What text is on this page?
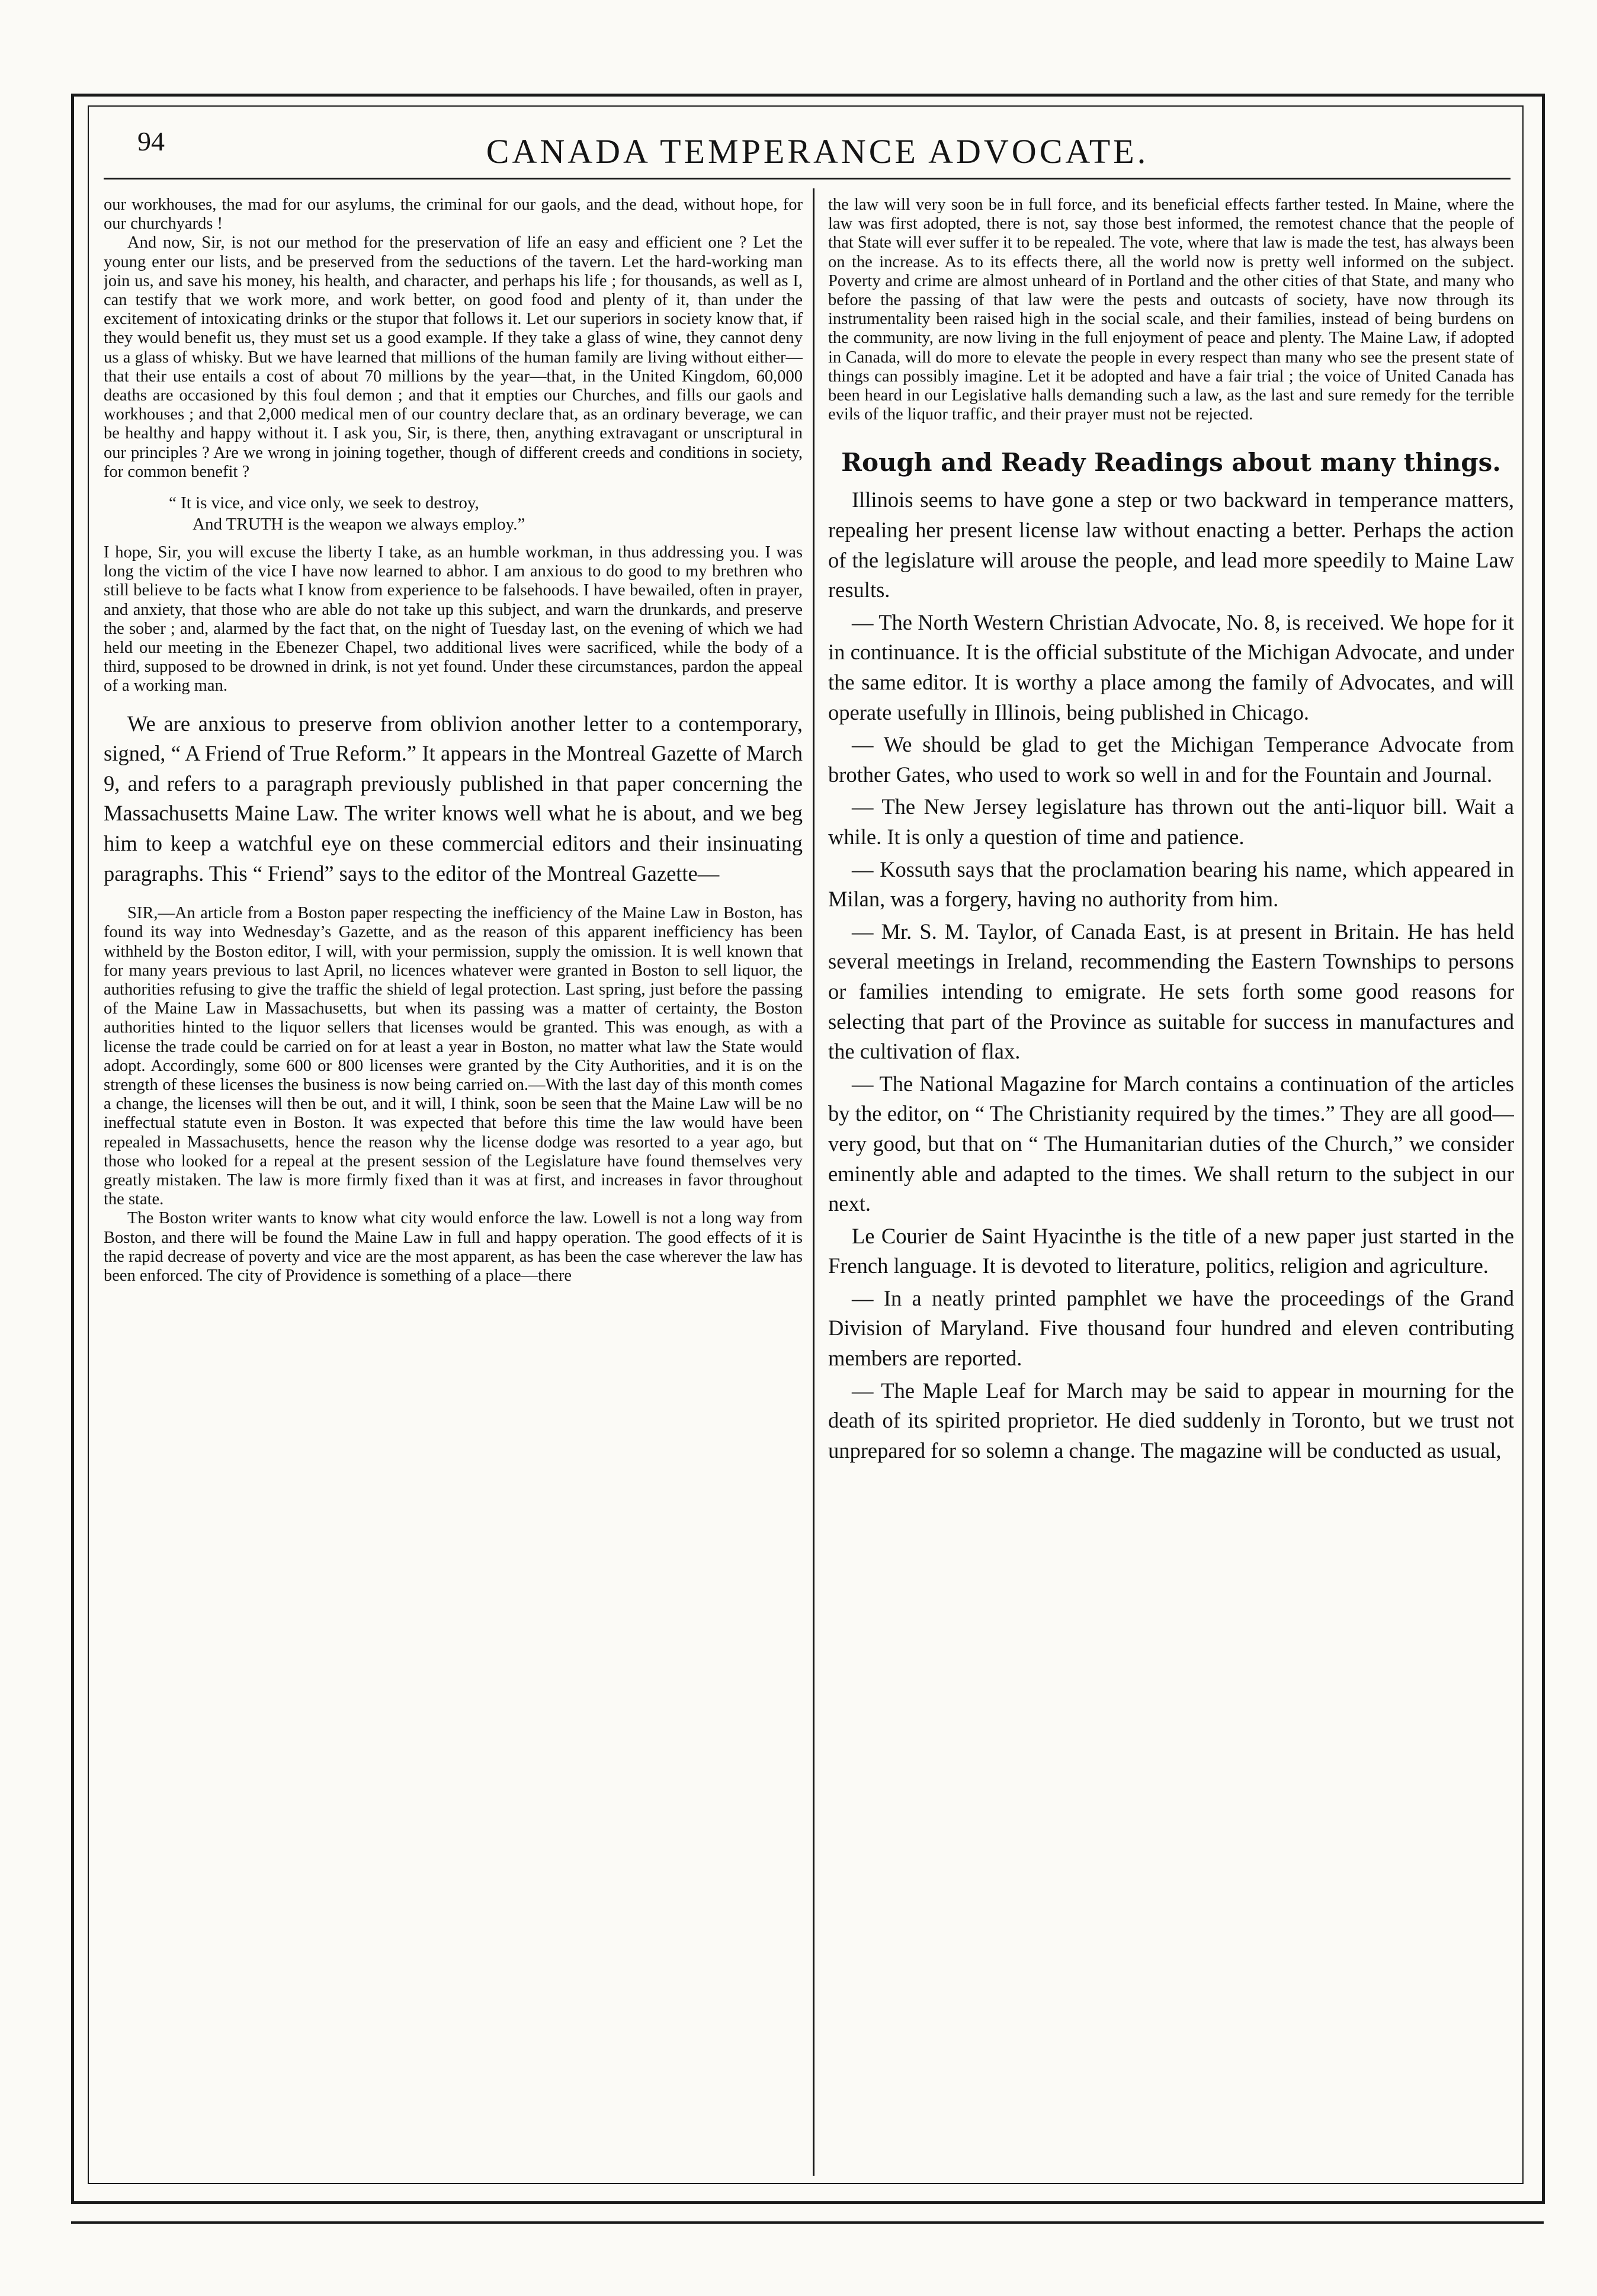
94	CANADA TEMPERANCE ADVOCATE.

our workhouses, the mad for our asylums, the criminal for our gaols, and the dead, without hope, for our churchyards !

And now, Sir, is not our method for the preservation of life an easy and efficient one ? Let the young enter our lists, and be preserved from the seductions of the tavern. Let the hard-working man join us, and save his money, his health, and character, and perhaps his life ; for thousands, as well as I, can testify that we work more, and work better, on good food and plenty of it, than under the excitement of intoxicating drinks or the stupor that follows it. Let our superiors in society know that, if they would benefit us, they must set us a good example. If they take a glass of wine, they cannot deny us a glass of whisky. But we have learned that millions of the human family are living without either—that their use entails a cost of about 70 millions by the year—that, in the United Kingdom, 60,000 deaths are occasioned by this foul demon ; and that it empties our Churches, and fills our gaols and workhouses ; and that 2,000 medical men of our country declare that, as an ordinary beverage, we can be healthy and happy without it. I ask you, Sir, is there, then, anything extravagant or unscriptural in our principles ? Are we wrong in joining together, though of different creeds and conditions in society, for common benefit ?

“ It is vice, and vice only, we seek to destroy,
And TRUTH is the weapon we always employ.”

I hope, Sir, you will excuse the liberty I take, as an humble workman, in thus addressing you. I was long the victim of the vice I have now learned to abhor. I am anxious to do good to my brethren who still believe to be facts what I know from experience to be falsehoods. I have bewailed, often in prayer, and anxiety, that those who are able do not take up this subject, and warn the drunkards, and preserve the sober ; and, alarmed by the fact that, on the night of Tuesday last, on the evening of which we had held our meeting in the Ebenezer Chapel, two additional lives were sacrificed, while the body of a third, supposed to be drowned in drink, is not yet found. Under these circumstances, pardon the appeal of a working man.

We are anxious to preserve from oblivion another letter to a contemporary, signed, “ A Friend of True Reform.” It appears in the Montreal Gazette of March 9, and refers to a paragraph previously published in that paper concerning the Massachusetts Maine Law. The writer knows well what he is about, and we beg him to keep a watchful eye on these commercial editors and their insinuating paragraphs. This “ Friend” says to the editor of the Montreal Gazette—

SIR,—An article from a Boston paper respecting the inefficiency of the Maine Law in Boston, has found its way into Wednesday’s Gazette, and as the reason of this apparent inefficiency has been withheld by the Boston editor, I will, with your permission, supply the omission. It is well known that for many years previous to last April, no licences whatever were granted in Boston to sell liquor, the authorities refusing to give the traffic the shield of legal protection. Last spring, just before the passing of the Maine Law in Massachusetts, but when its passing was a matter of certainty, the Boston authorities hinted to the liquor sellers that licenses would be granted. This was enough, as with a license the trade could be carried on for at least a year in Boston, no matter what law the State would adopt. Accordingly, some 600 or 800 licenses were granted by the City Authorities, and it is on the strength of these licenses the business is now being carried on.—With the last day of this month comes a change, the licenses will then be out, and it will, I think, soon be seen that the Maine Law will be no ineffectual statute even in Boston. It was expected that before this time the law would have been repealed in Massachusetts, hence the reason why the license dodge was resorted to a year ago, but those who looked for a repeal at the present session of the Legislature have found themselves very greatly mistaken. The law is more firmly fixed than it was at first, and increases in favor throughout the state.

The Boston writer wants to know what city would enforce the law. Lowell is not a long way from Boston, and there will be found the Maine Law in full and happy operation. The good effects of it is the rapid decrease of poverty and vice are the most apparent, as has been the case wherever the law has been enforced. The city of Providence is something of a place—there

the law will very soon be in full force, and its beneficial effects farther tested. In Maine, where the law was first adopted, there is not, say those best informed, the remotest chance that the people of that State will ever suffer it to be repealed. The vote, where that law is made the test, has always been on the increase. As to its effects there, all the world now is pretty well informed on the subject. Poverty and crime are almost unheard of in Portland and the other cities of that State, and many who before the passing of that law were the pests and outcasts of society, have now through its instrumentality been raised high in the social scale, and their families, instead of being burdens on the community, are now living in the full enjoyment of peace and plenty. The Maine Law, if adopted in Canada, will do more to elevate the people in every respect than many who see the present state of things can possibly imagine. Let it be adopted and have a fair trial ; the voice of United Canada has been heard in our Legislative halls demanding such a law, as the last and sure remedy for the terrible evils of the liquor traffic, and their prayer must not be rejected.

Rough and Ready Readings about many things.

Illinois seems to have gone a step or two backward in temperance matters, repealing her present license law without enacting a better. Perhaps the action of the legislature will arouse the people, and lead more speedily to Maine Law results.

— The North Western Christian Advocate, No. 8, is received. We hope for it in continuance. It is the official substitute of the Michigan Advocate, and under the same editor. It is worthy a place among the family of Advocates, and will operate usefully in Illinois, being published in Chicago.

— We should be glad to get the Michigan Temperance Advocate from brother Gates, who used to work so well in and for the Fountain and Journal.

— The New Jersey legislature has thrown out the anti-liquor bill. Wait a while. It is only a question of time and patience.

— Kossuth says that the proclamation bearing his name, which appeared in Milan, was a forgery, having no authority from him.

— Mr. S. M. Taylor, of Canada East, is at present in Britain. He has held several meetings in Ireland, recommending the Eastern Townships to persons or families intending to emigrate. He sets forth some good reasons for selecting that part of the Province as suitable for success in manufactures and the cultivation of flax.

— The National Magazine for March contains a continuation of the articles by the editor, on “ The Christianity required by the times.” They are all good—very good, but that on “ The Humanitarian duties of the Church,” we consider eminently able and adapted to the times. We shall return to the subject in our next.

Le Courier de Saint Hyacinthe is the title of a new paper just started in the French language. It is devoted to literature, politics, religion and agriculture.

— In a neatly printed pamphlet we have the proceedings of the Grand Division of Maryland. Five thousand four hundred and eleven contributing members are reported.

— The Maple Leaf for March may be said to appear in mourning for the death of its spirited proprietor. He died suddenly in Toronto, but we trust not unprepared for so solemn a change. The magazine will be conducted as usual,
